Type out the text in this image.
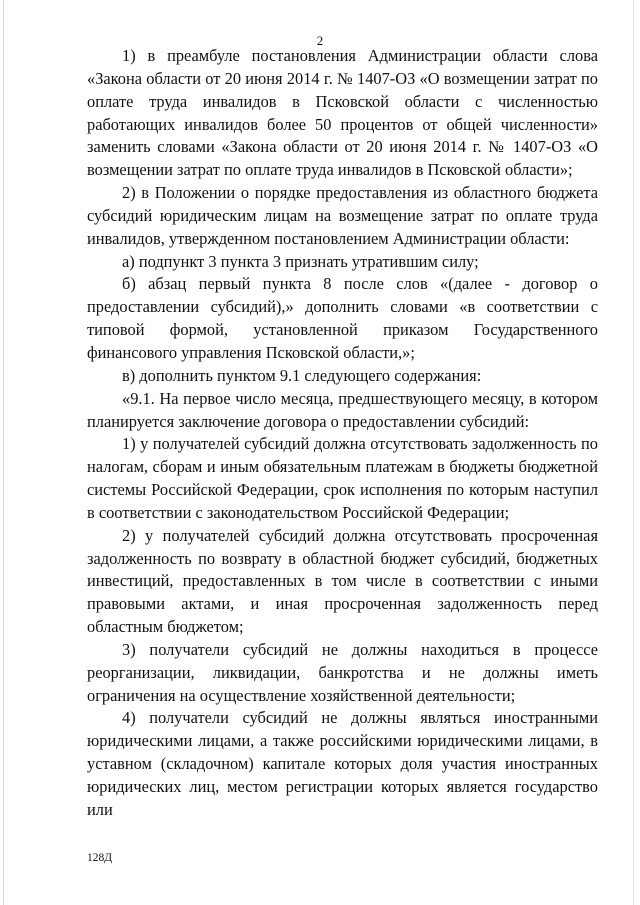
2

1) в преамбуле постановления Администрации области слова «Закона области от 20 июня 2014 г. № 1407-ОЗ «О возмещении затрат по оплате труда инвалидов в Псковской области с численностью работающих инвалидов более 50 процентов от общей численности» заменить словами «Закона области от 20 июня 2014 г. № 1407-ОЗ «О возмещении затрат по оплате труда инвалидов в Псковской области»;

2) в Положении о порядке предоставления из областного бюджета субсидий юридическим лицам на возмещение затрат по оплате труда инвалидов, утвержденном постановлением Администрации области:

а) подпункт 3 пункта 3 признать утратившим силу;

б) абзац первый пункта 8 после слов «(далее - договор о предоставлении субсидий),» дополнить словами «в соответствии с типовой формой, установленной приказом Государственного финансового управления Псковской области,»;

в) дополнить пунктом 9.1 следующего содержания:

«9.1. На первое число месяца, предшествующего месяцу, в котором планируется заключение договора о предоставлении субсидий:

1) у получателей субсидий должна отсутствовать задолженность по налогам, сборам и иным обязательным платежам в бюджеты бюджетной системы Российской Федерации, срок исполнения по которым наступил в соответствии с законодательством Российской Федерации;

2) у получателей субсидий должна отсутствовать просроченная задолженность по возврату в областной бюджет субсидий, бюджетных инвестиций, предоставленных в том числе в соответствии с иными правовыми актами, и иная просроченная задолженность перед областным бюджетом;

3) получатели субсидий не должны находиться в процессе реорганизации, ликвидации, банкротства и не должны иметь ограничения на осуществление хозяйственной деятельности;

4) получатели субсидий не должны являться иностранными юридическими лицами, а также российскими юридическими лицами, в уставном (складочном) капитале которых доля участия иностранных юридических лиц, местом регистрации которых является государство или

128Д
